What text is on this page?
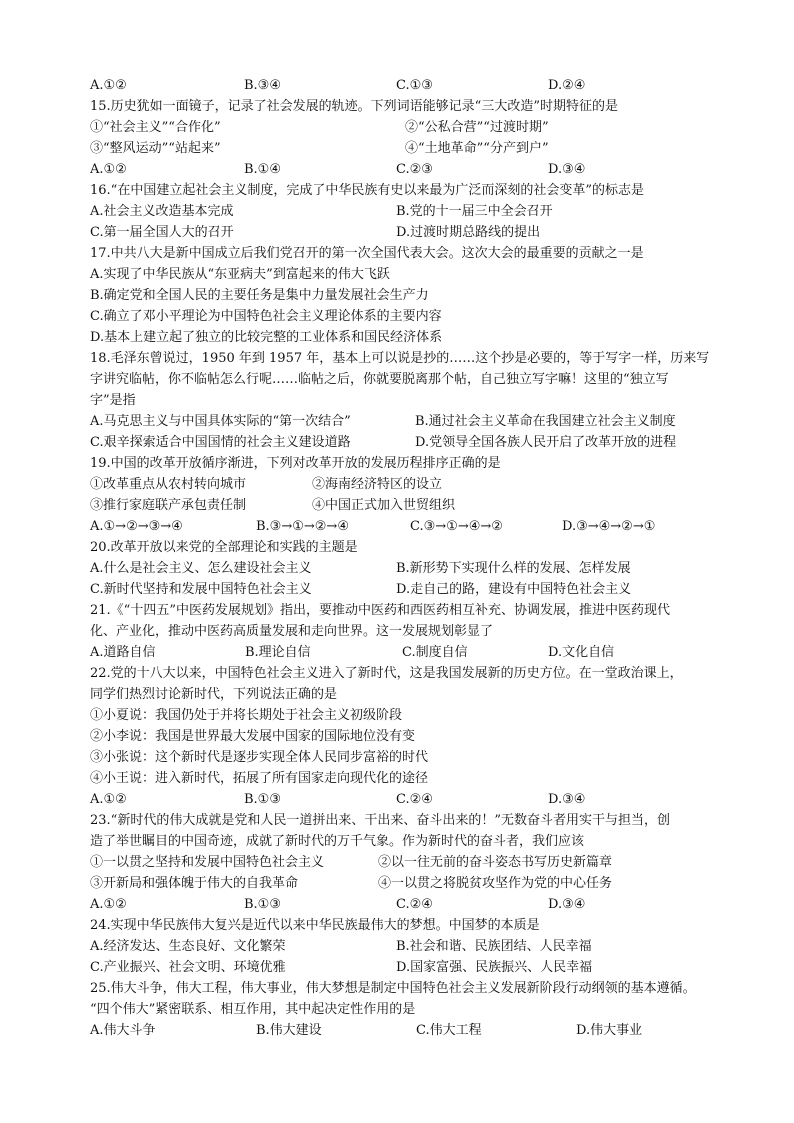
A.①②	B.③④	C.①③	D.②④
15.历史犹如一面镜子，记录了社会发展的轨迹。下列词语能够记录“三大改造”时期特征的是
①“社会主义”“合作化”	②“公私合营”“过渡时期”
③“整风运动”“站起来”	④“土地革命”“分产到户”
A.①②	B.①④	C.②③	D.③④
16.“在中国建立起社会主义制度，完成了中华民族有史以来最为广泛而深刻的社会变革”的标志是
A.社会主义改造基本完成	B.党的十一届三中全会召开
C.第一届全国人大的召开	D.过渡时期总路线的提出
17.中共八大是新中国成立后我们党召开的第一次全国代表大会。这次大会的最重要的贡献之一是
A.实现了中华民族从“东亚病夫”到富起来的伟大飞跃
B.确定党和全国人民的主要任务是集中力量发展社会生产力
C.确立了邓小平理论为中国特色社会主义理论体系的主要内容
D.基本上建立起了独立的比较完整的工业体系和国民经济体系
18.毛泽东曾说过，1950 年到 1957 年，基本上可以说是抄的……这个抄是必要的，等于写字一样，历来写
字讲究临帖，你不临帖怎么行呢……临帖之后，你就要脱离那个帖，自己独立写字嘛！这里的“独立写
字”是指
A.马克思主义与中国具体实际的“第一次结合”	B.通过社会主义革命在我国建立社会主义制度
C.艰辛探索适合中国国情的社会主义建设道路	D.党领导全国各族人民开启了改革开放的进程
19.中国的改革开放循序渐进，下列对改革开放的发展历程排序正确的是
①改革重点从农村转向城市	②海南经济特区的设立
③推行家庭联产承包责任制	④中国正式加入世贸组织
A.①→②→③→④	B.③→①→②→④	C.③→①→④→②	D.③→④→②→①
20.改革开放以来党的全部理论和实践的主题是
A.什么是社会主义、怎么建设社会主义	B.新形势下实现什么样的发展、怎样发展
C.新时代坚持和发展中国特色社会主义	D.走自己的路，建设有中国特色社会主义
21.《“十四五”中医药发展规划》指出，要推动中医药和西医药相互补充、协调发展，推进中医药现代
化、产业化，推动中医药高质量发展和走向世界。这一发展规划彰显了
A.道路自信	B.理论自信	C.制度自信	D.文化自信
22.党的十八大以来，中国特色社会主义进入了新时代，这是我国发展新的历史方位。在一堂政治课上，
同学们热烈讨论新时代，下列说法正确的是
①小夏说：我国仍处于并将长期处于社会主义初级阶段
②小李说：我国是世界最大发展中国家的国际地位没有变
③小张说：这个新时代是逐步实现全体人民同步富裕的时代
④小王说：进入新时代，拓展了所有国家走向现代化的途径
A.①②	B.①③	C.②④	D.③④
23.“新时代的伟大成就是党和人民一道拼出来、干出来、奋斗出来的！”无数奋斗者用实干与担当，创
造了举世瞩目的中国奇迹，成就了新时代的万千气象。作为新时代的奋斗者，我们应该
①一以贯之坚持和发展中国特色社会主义	②以一往无前的奋斗姿态书写历史新篇章
③开新局和强体魄于伟大的自我革命	④一以贯之将脱贫攻坚作为党的中心任务
A.①②	B.①③	C.②④	D.③④
24.实现中华民族伟大复兴是近代以来中华民族最伟大的梦想。中国梦的本质是
A.经济发达、生态良好、文化繁荣	B.社会和谐、民族团结、人民幸福
C.产业振兴、社会文明、环境优雅	D.国家富强、民族振兴、人民幸福
25.伟大斗争，伟大工程，伟大事业，伟大梦想是制定中国特色社会主义发展新阶段行动纲领的基本遵循。
“四个伟大”紧密联系、相互作用，其中起决定性作用的是
A.伟大斗争	B.伟大建设	C.伟大工程	D.伟大事业
